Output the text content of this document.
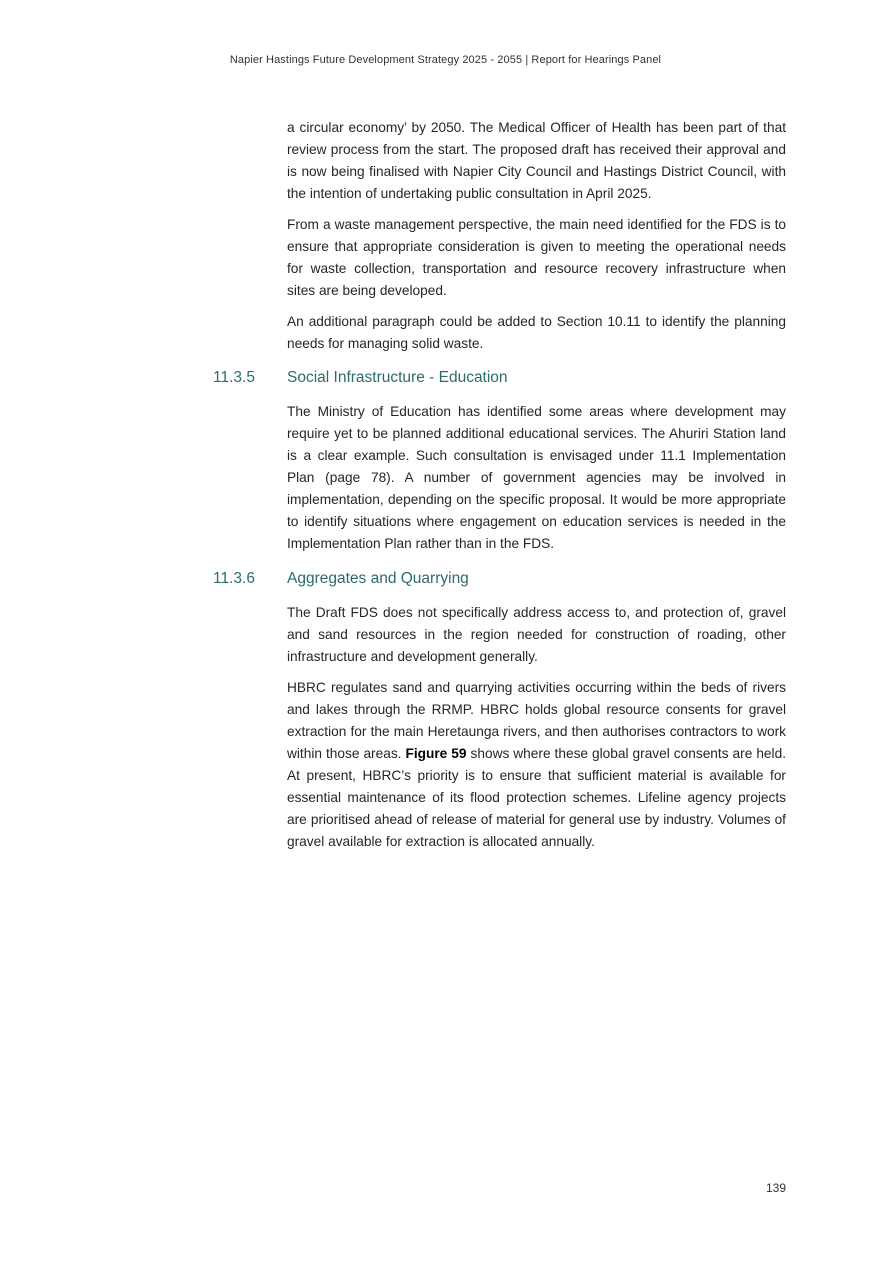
Napier Hastings Future Development Strategy 2025 - 2055 | Report for Hearings Panel

a circular economy’ by 2050. The Medical Officer of Health has been part of that review process from the start. The proposed draft has received their approval and is now being finalised with Napier City Council and Hastings District Council, with the intention of undertaking public consultation in April 2025.

From a waste management perspective, the main need identified for the FDS is to ensure that appropriate consideration is given to meeting the operational needs for waste collection, transportation and resource recovery infrastructure when sites are being developed.

An additional paragraph could be added to Section 10.11 to identify the planning needs for managing solid waste.

11.3.5 Social Infrastructure - Education

The Ministry of Education has identified some areas where development may require yet to be planned additional educational services. The Ahuriri Station land is a clear example. Such consultation is envisaged under 11.1 Implementation Plan (page 78). A number of government agencies may be involved in implementation, depending on the specific proposal. It would be more appropriate to identify situations where engagement on education services is needed in the Implementation Plan rather than in the FDS.

11.3.6 Aggregates and Quarrying

The Draft FDS does not specifically address access to, and protection of, gravel and sand resources in the region needed for construction of roading, other infrastructure and development generally.

HBRC regulates sand and quarrying activities occurring within the beds of rivers and lakes through the RRMP. HBRC holds global resource consents for gravel extraction for the main Heretaunga rivers, and then authorises contractors to work within those areas. Figure 59 shows where these global gravel consents are held. At present, HBRC’s priority is to ensure that sufficient material is available for essential maintenance of its flood protection schemes. Lifeline agency projects are prioritised ahead of release of material for general use by industry. Volumes of gravel available for extraction is allocated annually.

139
